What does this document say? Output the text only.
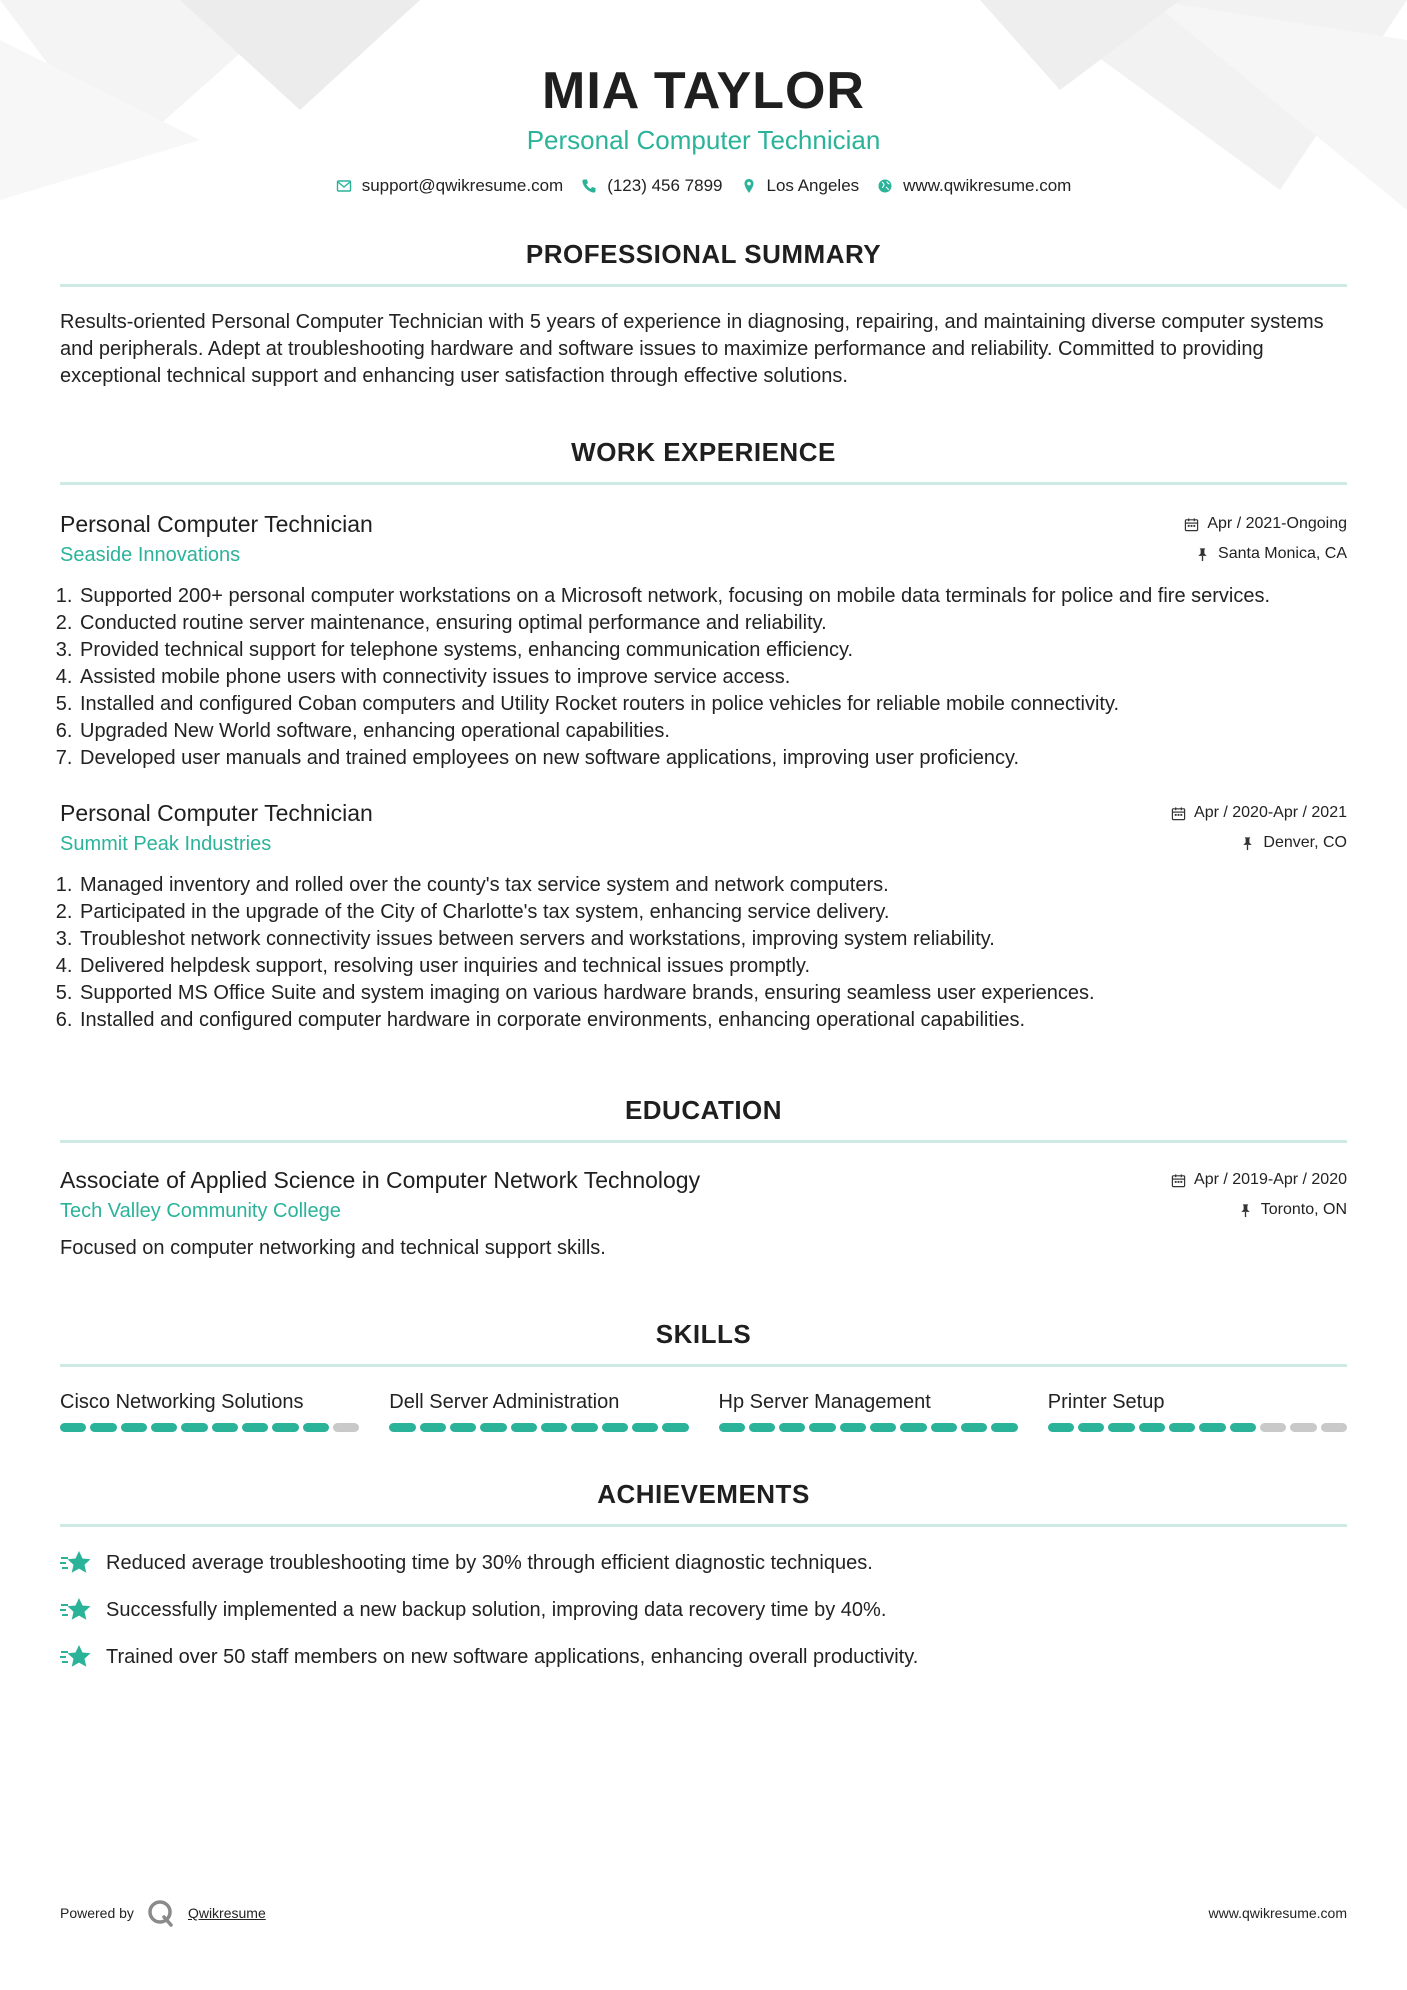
MIA TAYLOR
Personal Computer Technician
support@qwikresume.com	(123) 456 7899	Los Angeles	www.qwikresume.com
PROFESSIONAL SUMMARY
Results-oriented Personal Computer Technician with 5 years of experience in diagnosing, repairing, and maintaining diverse computer systems and peripherals. Adept at troubleshooting hardware and software issues to maximize performance and reliability. Committed to providing exceptional technical support and enhancing user satisfaction through effective solutions.
WORK EXPERIENCE
Personal Computer Technician
Seaside Innovations
Apr / 2021-Ongoing
Santa Monica, CA
1. Supported 200+ personal computer workstations on a Microsoft network, focusing on mobile data terminals for police and fire services.
2. Conducted routine server maintenance, ensuring optimal performance and reliability.
3. Provided technical support for telephone systems, enhancing communication efficiency.
4. Assisted mobile phone users with connectivity issues to improve service access.
5. Installed and configured Coban computers and Utility Rocket routers in police vehicles for reliable mobile connectivity.
6. Upgraded New World software, enhancing operational capabilities.
7. Developed user manuals and trained employees on new software applications, improving user proficiency.
Personal Computer Technician
Summit Peak Industries
Apr / 2020-Apr / 2021
Denver, CO
1. Managed inventory and rolled over the county's tax service system and network computers.
2. Participated in the upgrade of the City of Charlotte's tax system, enhancing service delivery.
3. Troubleshot network connectivity issues between servers and workstations, improving system reliability.
4. Delivered helpdesk support, resolving user inquiries and technical issues promptly.
5. Supported MS Office Suite and system imaging on various hardware brands, ensuring seamless user experiences.
6. Installed and configured computer hardware in corporate environments, enhancing operational capabilities.
EDUCATION
Associate of Applied Science in Computer Network Technology
Tech Valley Community College
Apr / 2019-Apr / 2020
Toronto, ON
Focused on computer networking and technical support skills.
SKILLS
Cisco Networking Solutions	Dell Server Administration	Hp Server Management	Printer Setup
ACHIEVEMENTS
Reduced average troubleshooting time by 30% through efficient diagnostic techniques.
Successfully implemented a new backup solution, improving data recovery time by 40%.
Trained over 50 staff members on new software applications, enhancing overall productivity.
Powered by	Qwikresume	www.qwikresume.com
